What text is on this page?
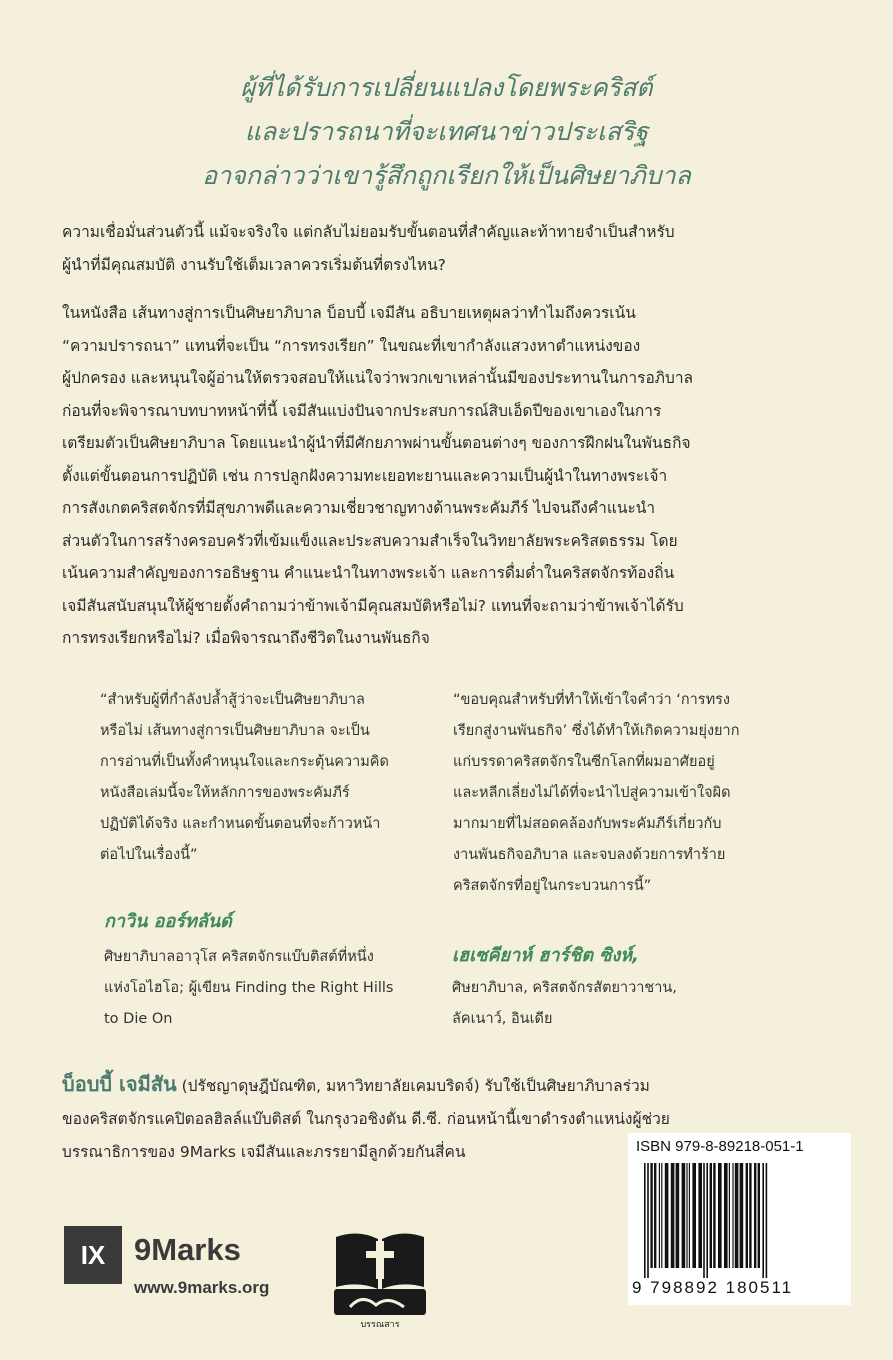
ผู้ที่ได้รับการเปลี่ยนแปลงโดยพระคริสต์
และปรารถนาที่จะเทศนาข่าวประเสริฐ
อาจกล่าวว่าเขารู้สึกถูกเรียกให้เป็นศิษยาภิบาล
ความเชื่อมั่นส่วนตัวนี้ แม้จะจริงใจ แต่กลับไม่ยอมรับขั้นตอนที่สำคัญและท้าทายจำเป็นสำหรับ
ผู้นำที่มีคุณสมบัติ งานรับใช้เต็มเวลาควรเริ่มต้นที่ตรงไหน?
ในหนังสือ เส้นทางสู่การเป็นศิษยาภิบาล บ็อบบี้ เจมีสัน อธิบายเหตุผลว่าทำไมถึงควรเน้น
“ความปรารถนา” แทนที่จะเป็น “การทรงเรียก” ในขณะที่เขากำลังแสวงหาตำแหน่งของ
ผู้ปกครอง และหนุนใจผู้อ่านให้ตรวจสอบให้แน่ใจว่าพวกเขาเหล่านั้นมีของประทานในการอภิบาล
ก่อนที่จะพิจารณาบทบาทหน้าที่นี้ เจมีสันแบ่งปันจากประสบการณ์สิบเอ็ดปีของเขาเองในการ
เตรียมตัวเป็นศิษยาภิบาล โดยแนะนำผู้นำที่มีศักยภาพผ่านขั้นตอนต่างๆ ของการฝึกฝนในพันธกิจ
ตั้งแต่ขั้นตอนการปฏิบัติ เช่น การปลูกฝังความทะเยอทะยานและความเป็นผู้นำในทางพระเจ้า
การสังเกตคริสตจักรที่มีสุขภาพดีและความเชี่ยวชาญทางด้านพระคัมภีร์ ไปจนถึงคำแนะนำ
ส่วนตัวในการสร้างครอบครัวที่เข้มแข็งและประสบความสำเร็จในวิทยาลัยพระคริสตธรรม โดย
เน้นความสำคัญของการอธิษฐาน คำแนะนำในทางพระเจ้า และการดื่มด่ำในคริสตจักรท้องถิ่น
เจมีสันสนับสนุนให้ผู้ชายตั้งคำถามว่าข้าพเจ้ามีคุณสมบัติหรือไม่? แทนที่จะถามว่าข้าพเจ้าได้รับ
การทรงเรียกหรือไม่? เมื่อพิจารณาถึงชีวิตในงานพันธกิจ
“สำหรับผู้ที่กำลังปล้ำสู้ว่าจะเป็นศิษยาภิบาล
หรือไม่ เส้นทางสู่การเป็นศิษยาภิบาล จะเป็น
การอ่านที่เป็นทั้งคำหนุนใจและกระตุ้นความคิด
หนังสือเล่มนี้จะให้หลักการของพระคัมภีร์
ปฏิบัติได้จริง และกำหนดขั้นตอนที่จะก้าวหน้า
ต่อไปในเรื่องนี้”
กาวิน ออร์ทลันด์
ศิษยาภิบาลอาวุโส คริสตจักรแบ๊บติสต์ที่หนึ่ง
แห่งโอไฮโอ; ผู้เขียน Finding the Right Hills
to Die On
“ขอบคุณสำหรับที่ทำให้เข้าใจคำว่า ‘การทรง
เรียกสู่งานพันธกิจ’ ซึ่งได้ทำให้เกิดความยุ่งยาก
แก่บรรดาคริสตจักรในซีกโลกที่ผมอาศัยอยู่
และหลีกเลี่ยงไม่ได้ที่จะนำไปสู่ความเข้าใจผิด
มากมายที่ไม่สอดคล้องกับพระคัมภีร์เกี่ยวกับ
งานพันธกิจอภิบาล และจบลงด้วยการทำร้าย
คริสตจักรที่อยู่ในกระบวนการนี้”
เฮเซคียาห์ ฮาร์ชิต ซิงห์,
ศิษยาภิบาล, คริสตจักรสัตยาวาชาน,
ลัคเนาว์, อินเดีย
บ็อบบี้ เจมีสัน (ปรัชญาดุษฎีบัณฑิต, มหาวิทยาลัยเคมบริดจ์) รับใช้เป็นศิษยาภิบาลร่วม
ของคริสตจักรแคปิตอลฮิลล์แบ๊บติสต์ ในกรุงวอชิงตัน ดี.ซี. ก่อนหน้านี้เขาดำรงตำแหน่งผู้ช่วย
บรรณาธิการของ 9Marks เจมีสันและภรรยามีลูกด้วยกันสี่คน	ISBN 979-8-89218-051-1
9 798892 180511
IX 9Marks
www.9marks.org
บรรณสาร
